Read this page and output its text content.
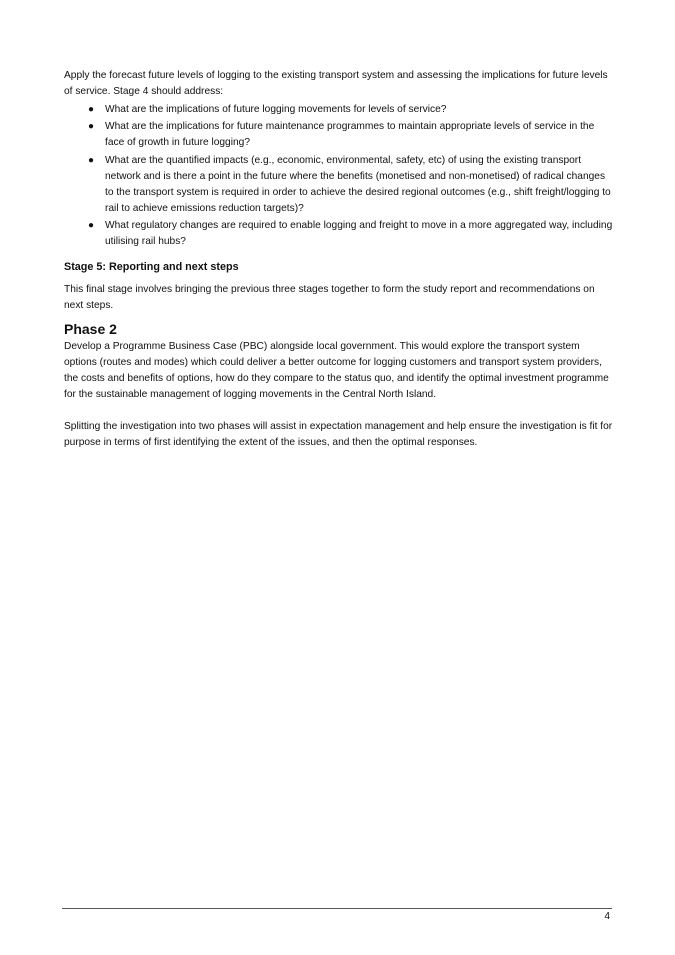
Apply the forecast future levels of logging to the existing transport system and assessing the implications for future levels of service. Stage 4 should address:

● What are the implications of future logging movements for levels of service?
● What are the implications for future maintenance programmes to maintain appropriate levels of service in the face of growth in future logging?
● What are the quantified impacts (e.g., economic, environmental, safety, etc) of using the existing transport network and is there a point in the future where the benefits (monetised and non-monetised) of radical changes to the transport system is required in order to achieve the desired regional outcomes (e.g., shift freight/logging to rail to achieve emissions reduction targets)?
● What regulatory changes are required to enable logging and freight to move in a more aggregated way, including utilising rail hubs?
Stage 5: Reporting and next steps

This final stage involves bringing the previous three stages together to form the study report and recommendations on next steps.

Phase 2

Develop a Programme Business Case (PBC) alongside local government. This would explore the transport system options (routes and modes) which could deliver a better outcome for logging customers and transport system providers, the costs and benefits of options, how do they compare to the status quo, and identify the optimal investment programme for the sustainable management of logging movements in the Central North Island.

Splitting the investigation into two phases will assist in expectation management and help ensure the investigation is fit for purpose in terms of first identifying the extent of the issues, and then the optimal responses.

4
